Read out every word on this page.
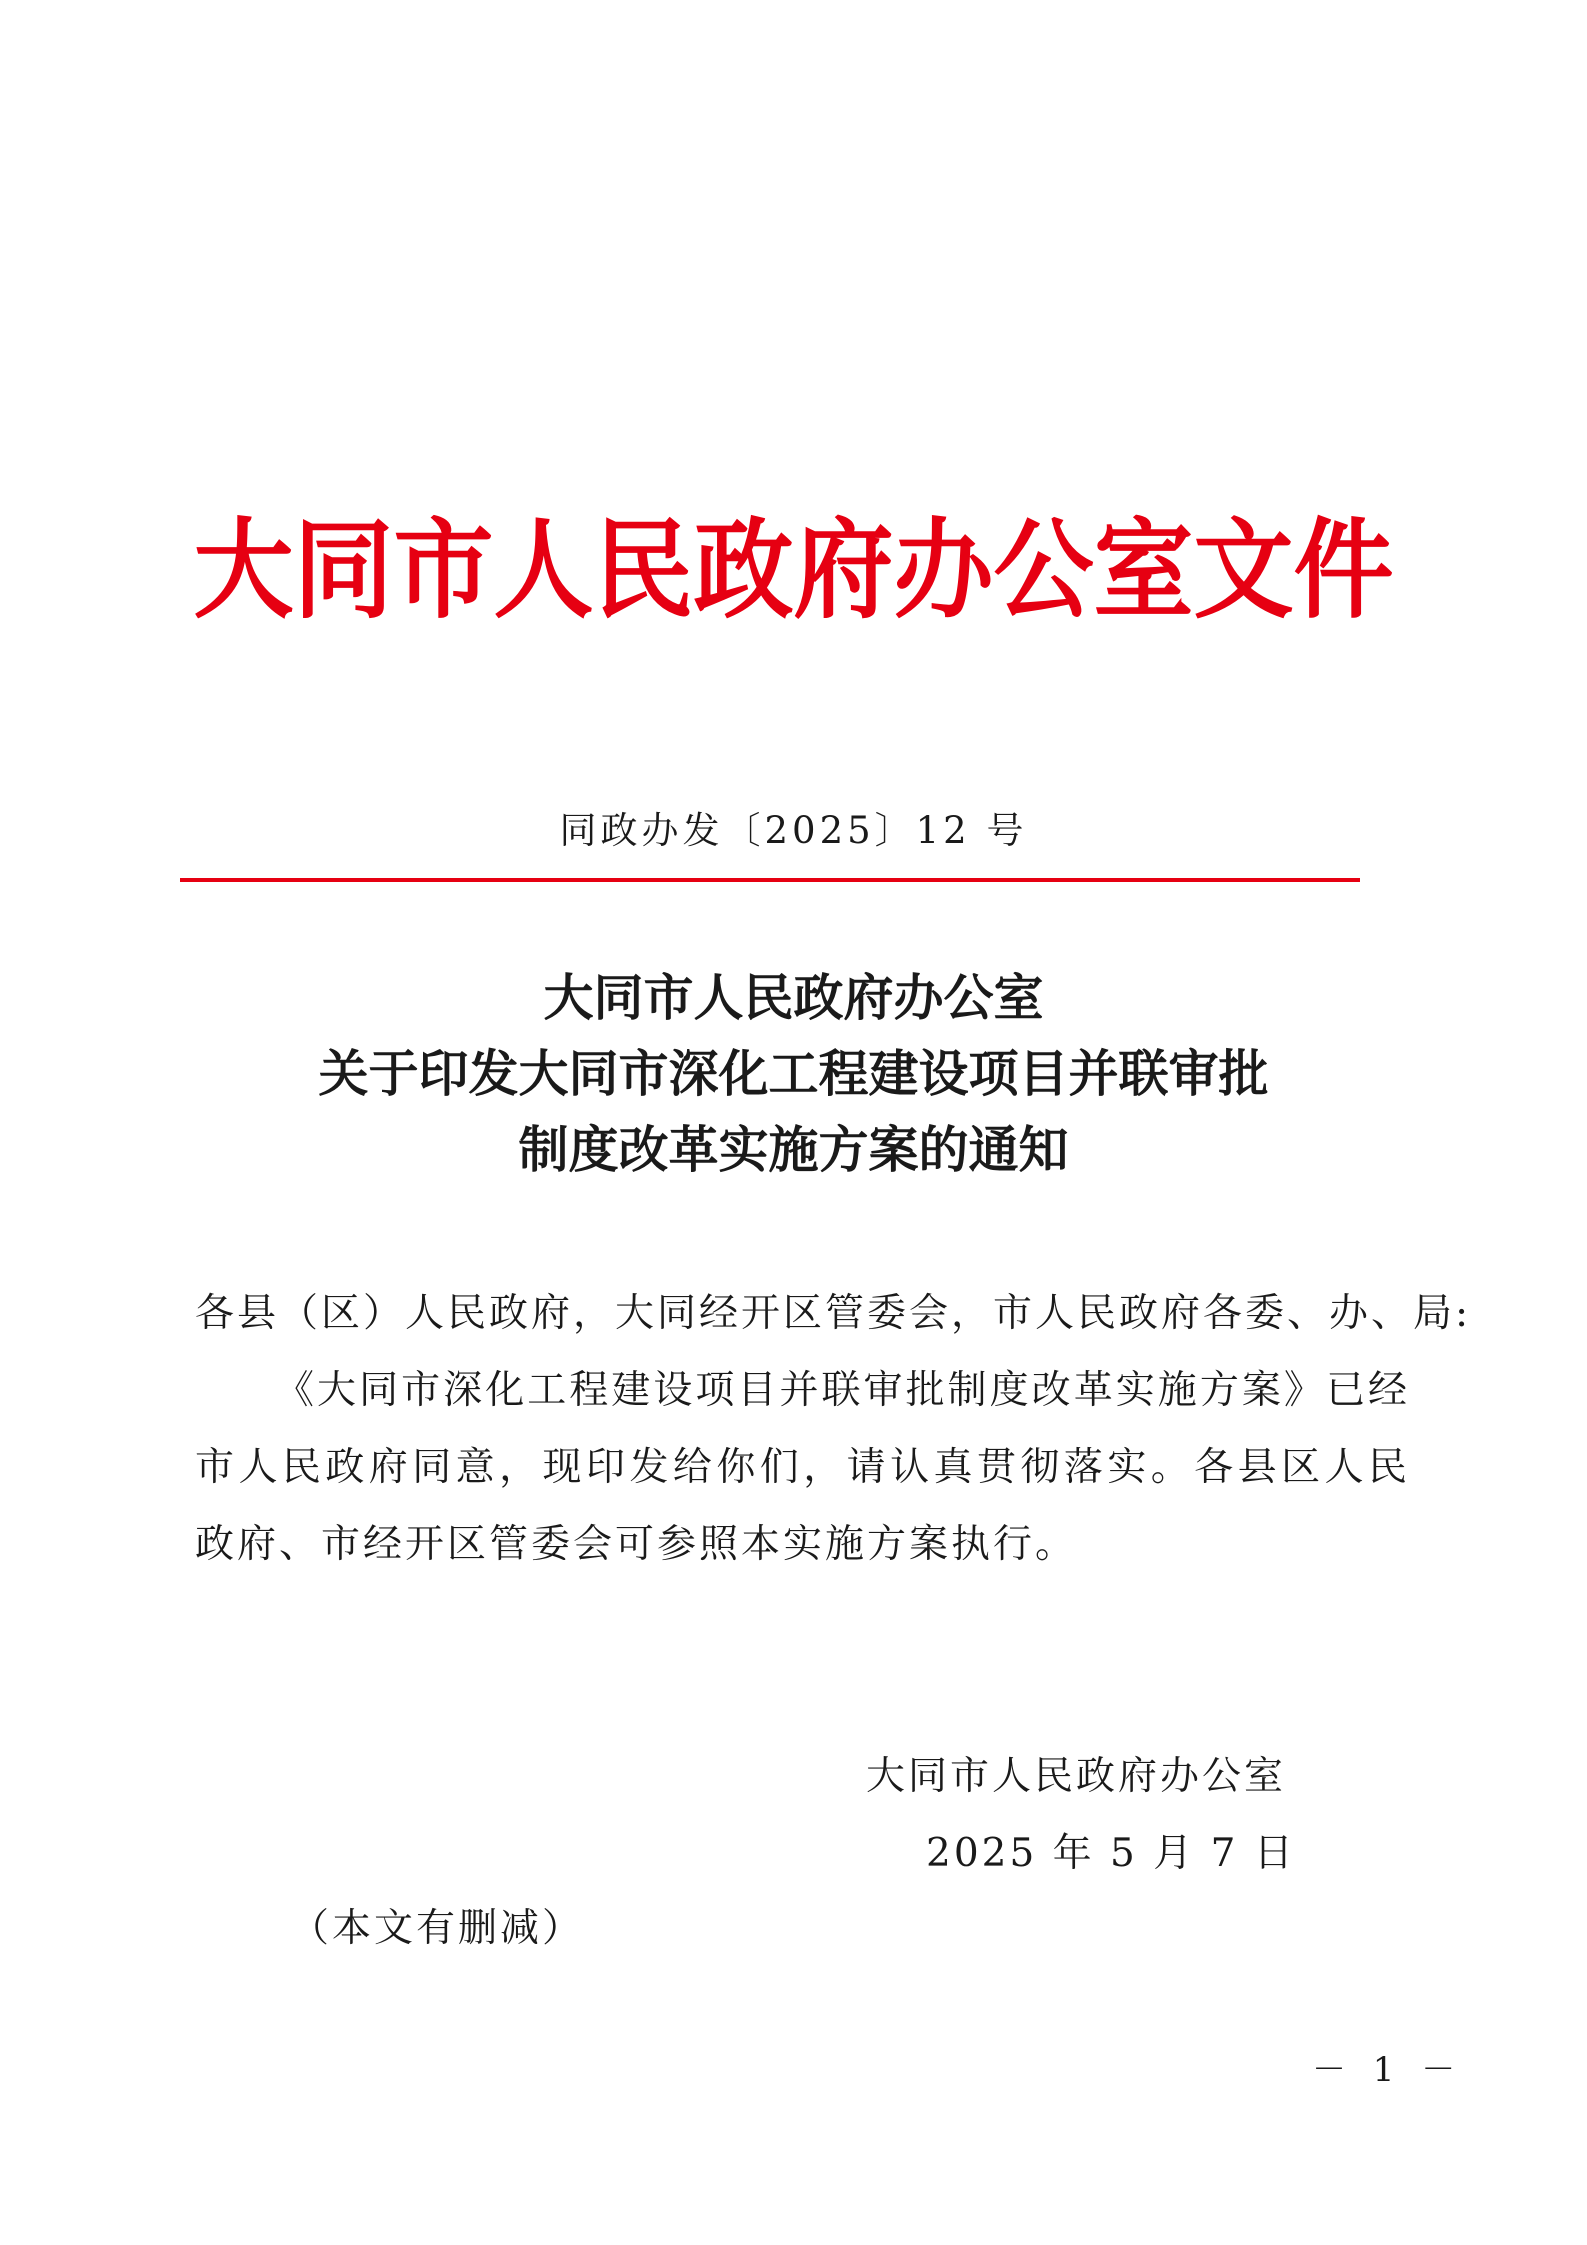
大同市人民政府办公室文件
同政办发〔2025〕12 号
大同市人民政府办公室
关于印发大同市深化工程建设项目并联审批
制度改革实施方案的通知
各县（区）人民政府，大同经开区管委会，市人民政府各委、办、局:
《大同市深化工程建设项目并联审批制度改革实施方案》已经市人民政府同意，现印发给你们，请认真贯彻落实。各县区人民政府、市经开区管委会可参照本实施方案执行。
大同市人民政府办公室
2025 年 5 月 7 日
（本文有删减）
－ 1 －
